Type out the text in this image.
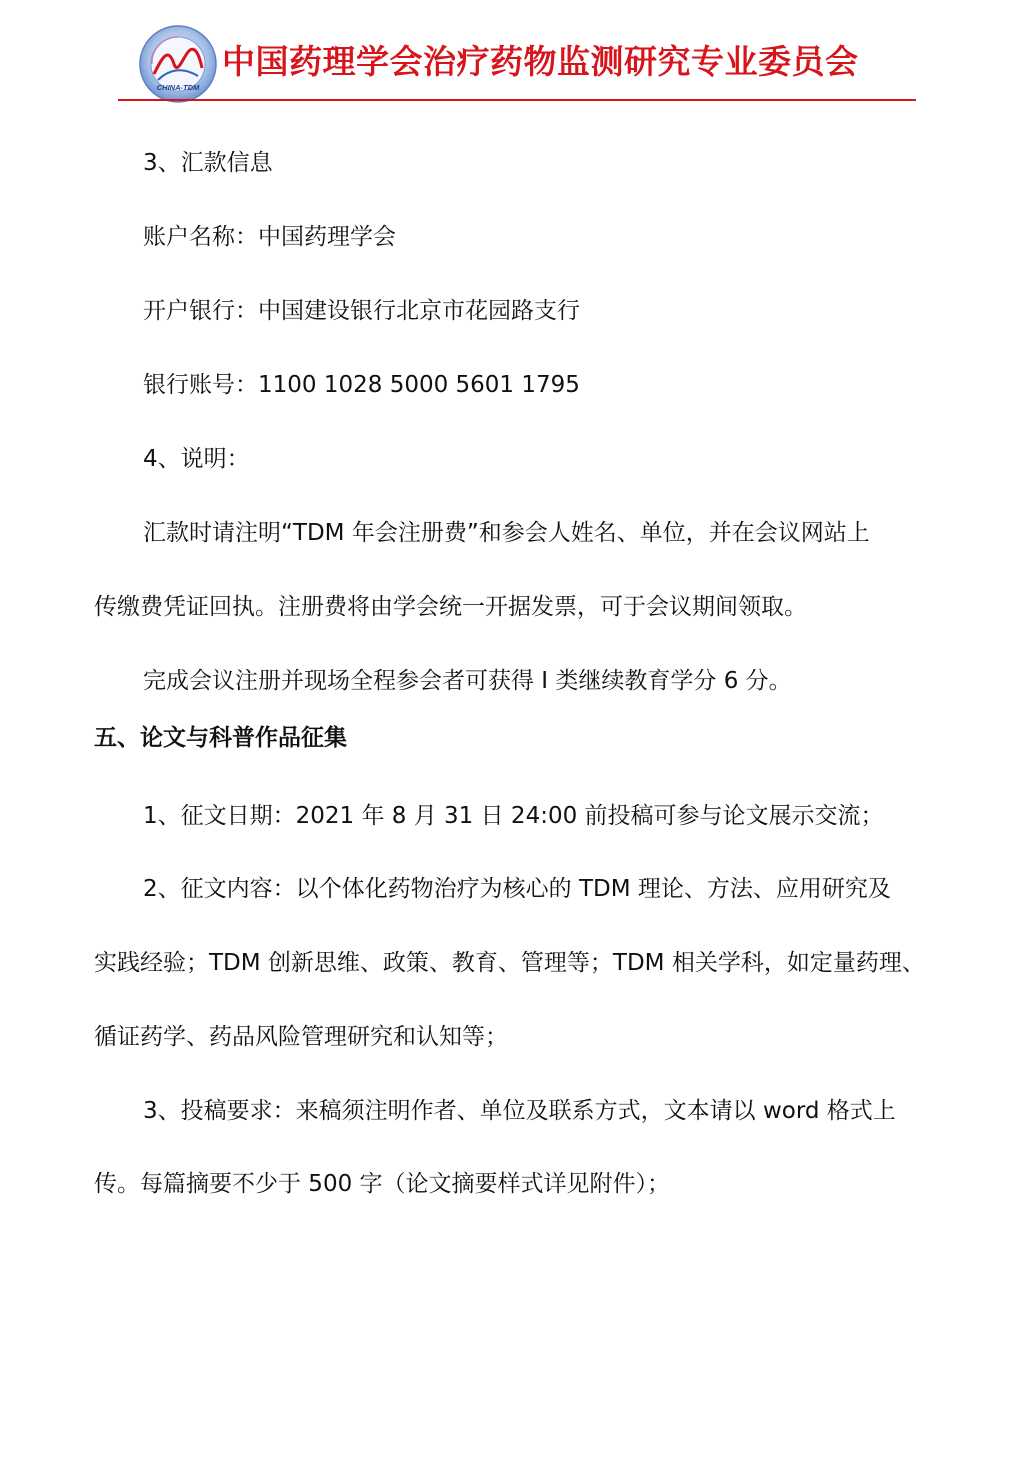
CHINA-TDM
中国药理学会治疗药物监测研究专业委员会
3、汇款信息
账户名称：中国药理学会
开户银行：中国建设银行北京市花园路支行
银行账号：1100 1028 5000 5601 1795
4、说明：
汇款时请注明“TDM 年会注册费”和参会人姓名、单位，并在会议网站上
传缴费凭证回执。注册费将由学会统一开据发票，可于会议期间领取。
完成会议注册并现场全程参会者可获得 I 类继续教育学分 6 分。
五、论文与科普作品征集
1、征文日期：2021 年 8 月 31 日 24:00 前投稿可参与论文展示交流；
2、征文内容：以个体化药物治疗为核心的 TDM 理论、方法、应用研究及
实践经验；TDM 创新思维、政策、教育、管理等；TDM 相关学科，如定量药理、
循证药学、药品风险管理研究和认知等；
3、投稿要求：来稿须注明作者、单位及联系方式，文本请以 word 格式上
传。每篇摘要不少于 500 字（论文摘要样式详见附件）；
